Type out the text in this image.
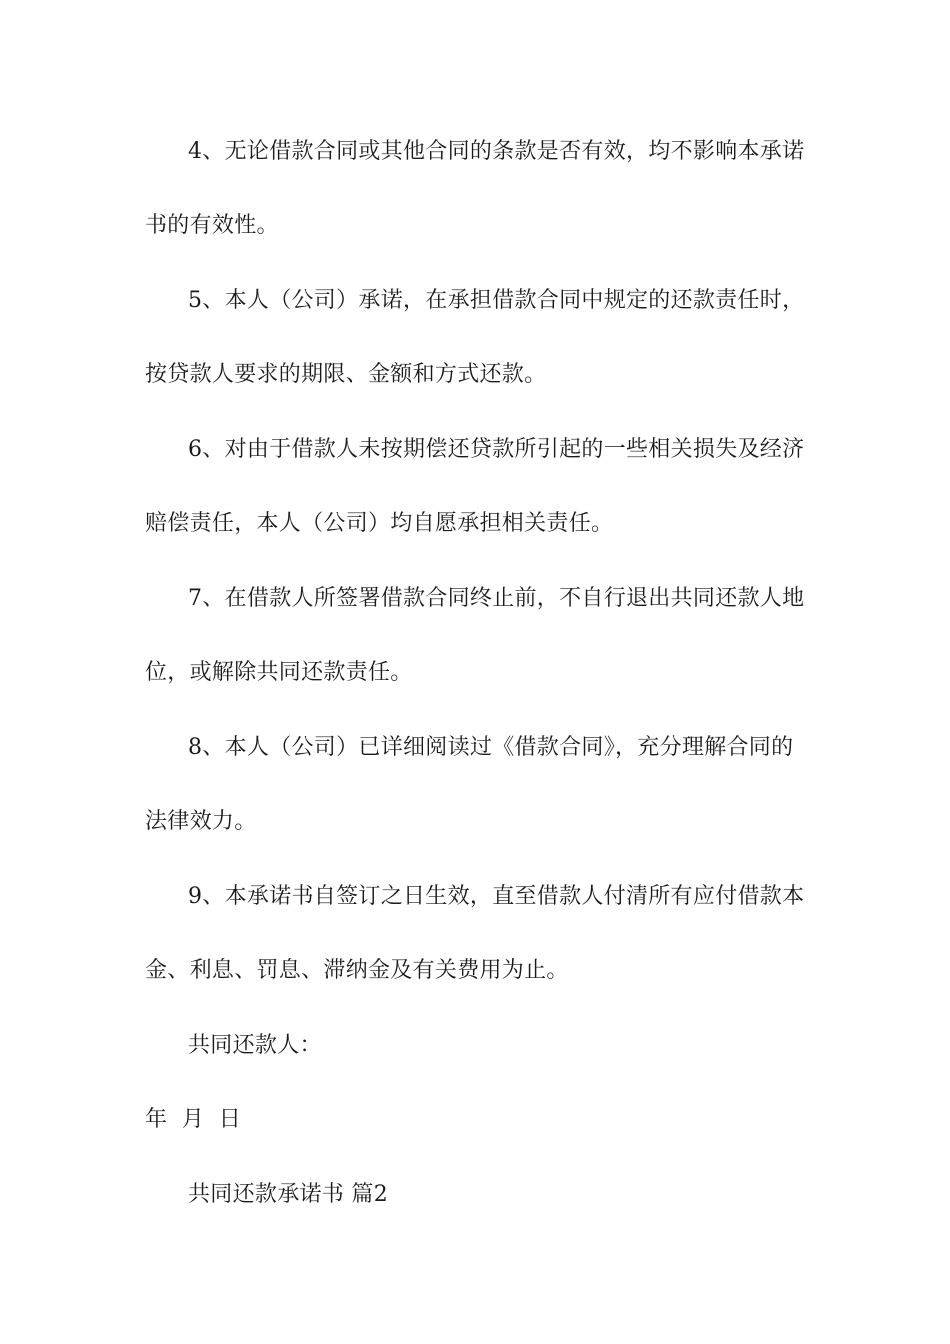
4、无论借款合同或其他合同的条款是否有效，均不影响本承诺
书的有效性。
5、本人（公司）承诺，在承担借款合同中规定的还款责任时，
按贷款人要求的期限、金额和方式还款。
6、对由于借款人未按期偿还贷款所引起的一些相关损失及经济
赔偿责任，本人（公司）均自愿承担相关责任。
7、在借款人所签署借款合同终止前，不自行退出共同还款人地
位，或解除共同还款责任。
8、本人（公司）已详细阅读过《借款合同》，充分理解合同的
法律效力。
9、本承诺书自签订之日生效，直至借款人付清所有应付借款本
金、利息、罚息、滞纳金及有关费用为止。
共同还款人：
年  月  日
共同还款承诺书 篇2
